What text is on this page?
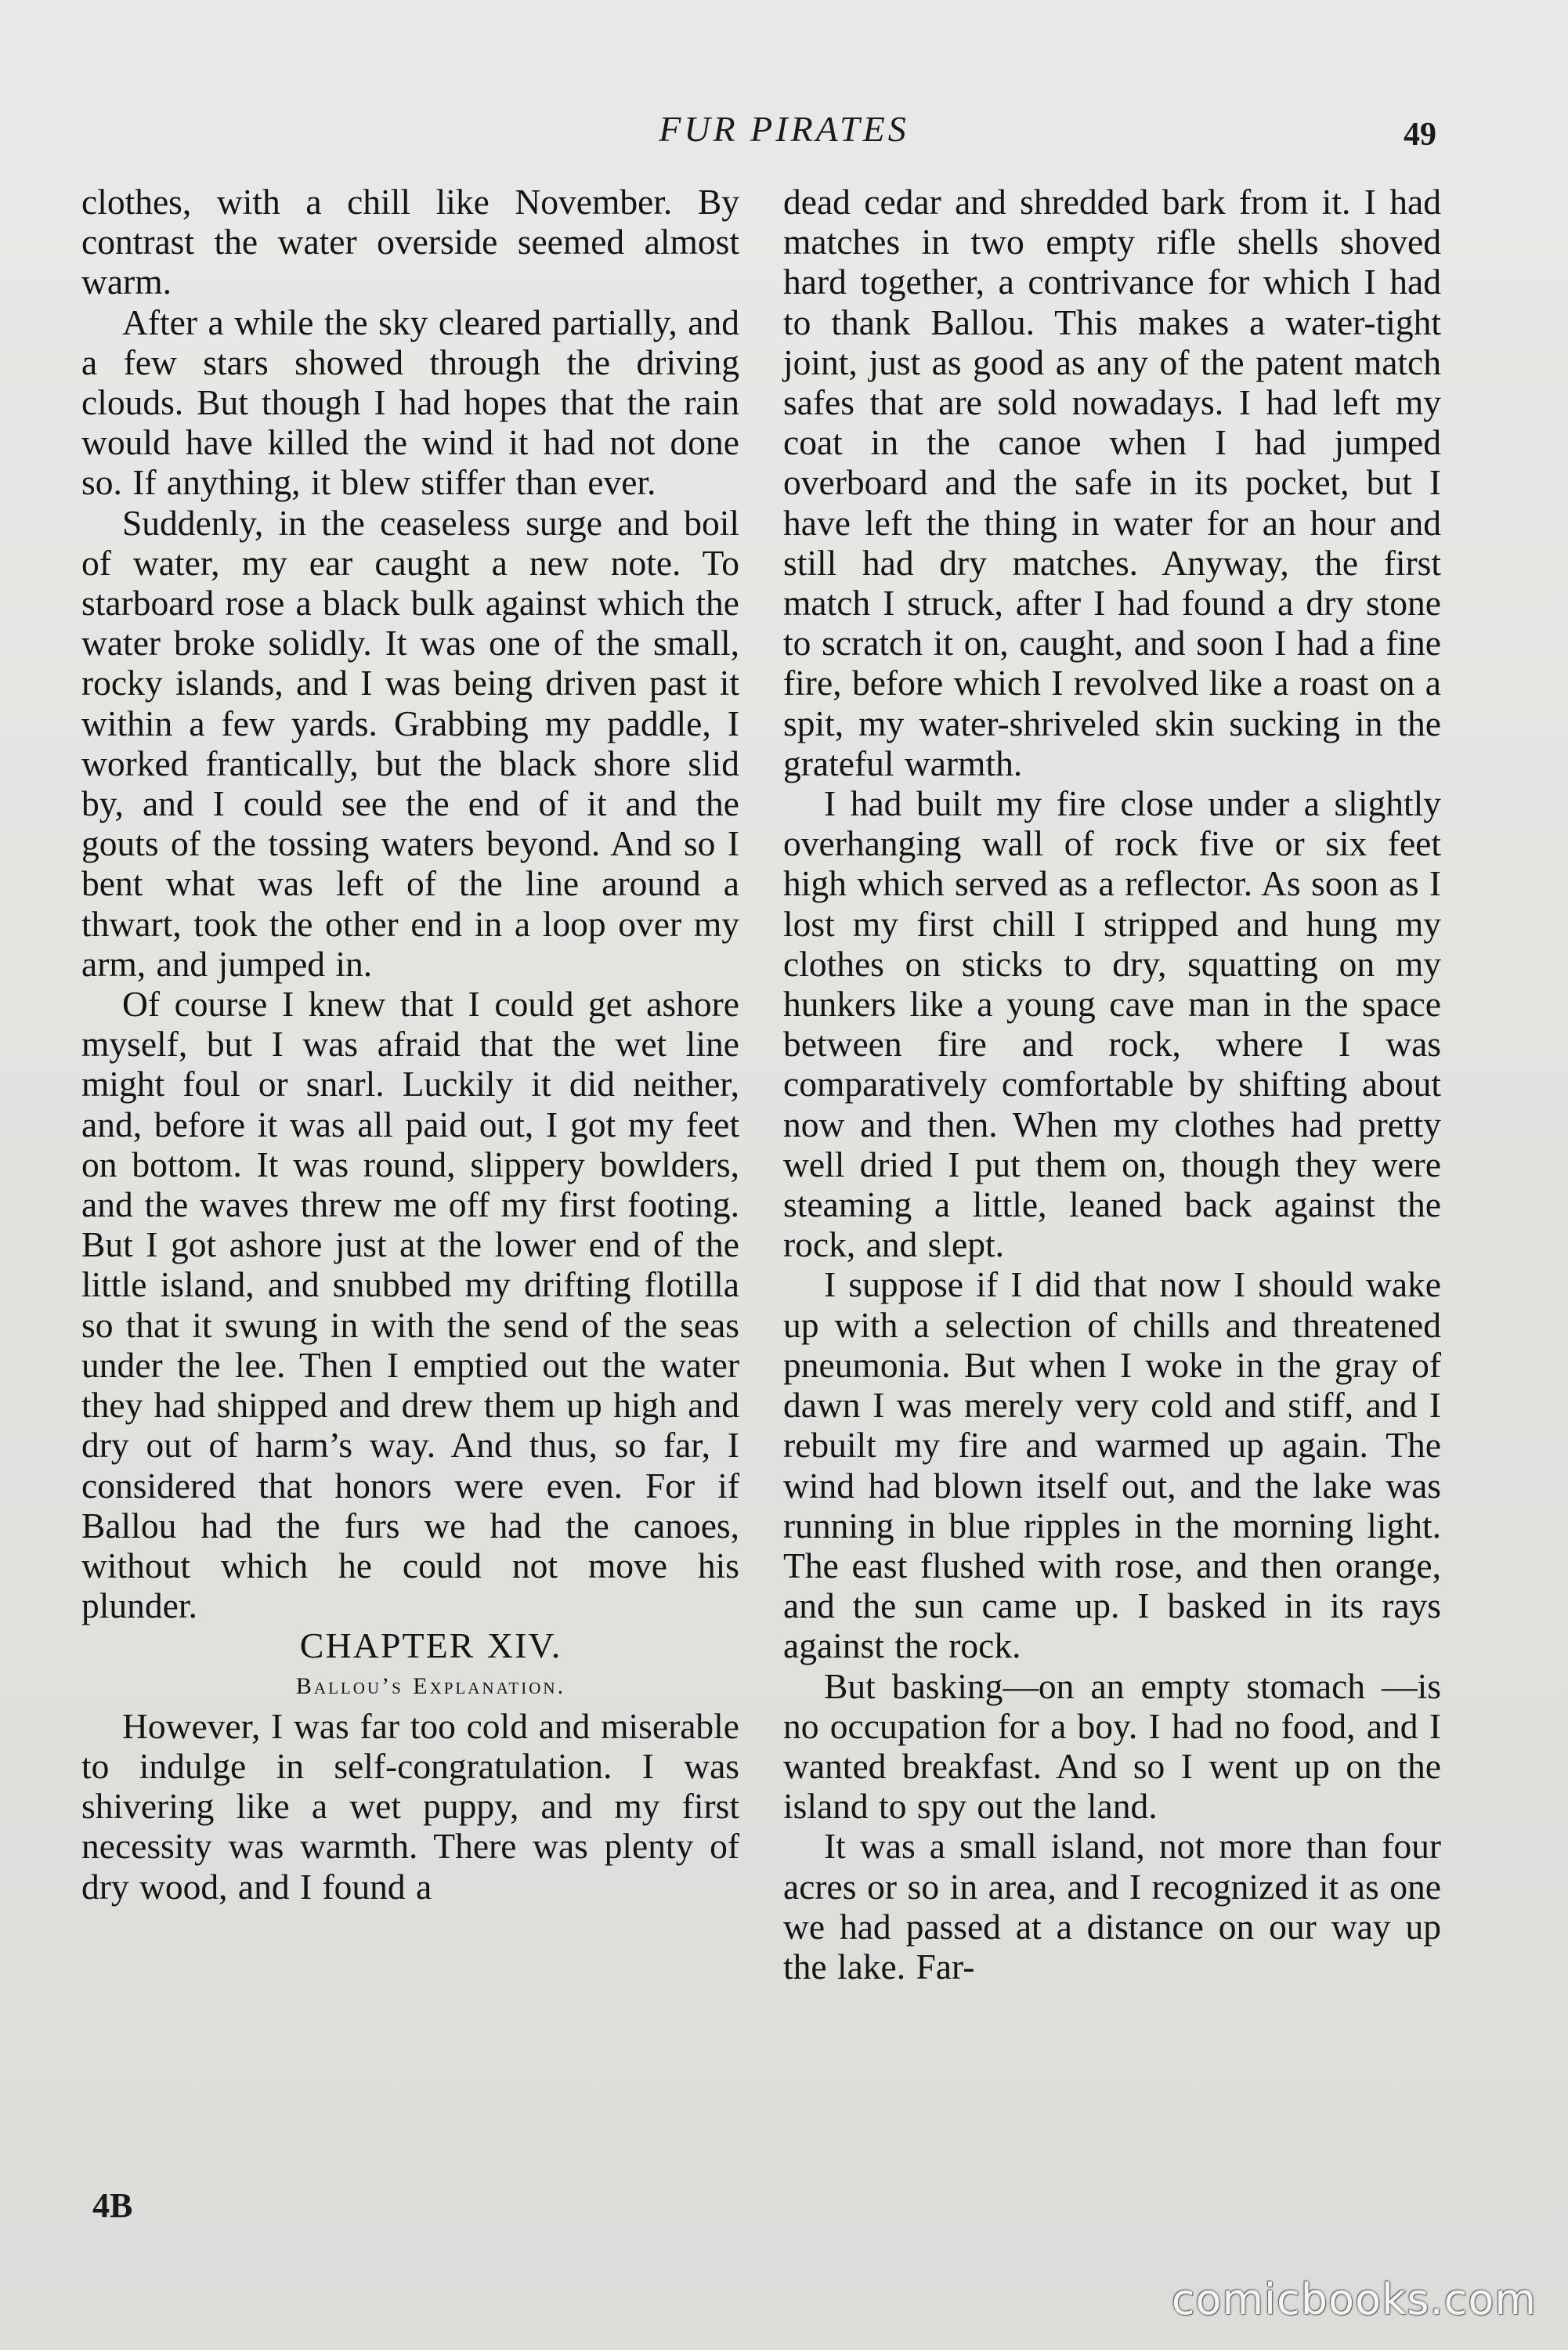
FUR PIRATES	49

clothes, with a chill like November. By contrast the water overside seemed almost warm.

After a while the sky cleared partially, and a few stars showed through the driving clouds. But though I had hopes that the rain would have killed the wind it had not done so. If anything, it blew stiffer than ever.

Suddenly, in the ceaseless surge and boil of water, my ear caught a new note. To starboard rose a black bulk against which the water broke solidly. It was one of the small, rocky islands, and I was being driven past it within a few yards. Grabbing my paddle, I worked frantically, but the black shore slid by, and I could see the end of it and the gouts of the tossing waters beyond. And so I bent what was left of the line around a thwart, took the other end in a loop over my arm, and jumped in.

Of course I knew that I could get ashore myself, but I was afraid that the wet line might foul or snarl. Luckily it did neither, and, before it was all paid out, I got my feet on bottom. It was round, slippery bowlders, and the waves threw me off my first footing. But I got ashore just at the lower end of the little island, and snubbed my drifting flotilla so that it swung in with the send of the seas under the lee. Then I emptied out the water they had shipped and drew them up high and dry out of harm’s way. And thus, so far, I considered that honors were even. For if Ballou had the furs we had the canoes, without which he could not move his plunder.

CHAPTER XIV.

Ballou’s Explanation.

However, I was far too cold and miserable to indulge in self-congratulation. I was shivering like a wet puppy, and my first necessity was warmth. There was plenty of dry wood, and I found a

dead cedar and shredded bark from it. I had matches in two empty rifle shells shoved hard together, a contrivance for which I had to thank Ballou. This makes a water-tight joint, just as good as any of the patent match safes that are sold nowadays. I had left my coat in the canoe when I had jumped overboard and the safe in its pocket, but I have left the thing in water for an hour and still had dry matches. Anyway, the first match I struck, after I had found a dry stone to scratch it on, caught, and soon I had a fine fire, before which I revolved like a roast on a spit, my water-shriveled skin sucking in the grateful warmth.

I had built my fire close under a slightly overhanging wall of rock five or six feet high which served as a reflector. As soon as I lost my first chill I stripped and hung my clothes on sticks to dry, squatting on my hunkers like a young cave man in the space between fire and rock, where I was comparatively comfortable by shifting about now and then. When my clothes had pretty well dried I put them on, though they were steaming a little, leaned back against the rock, and slept.

I suppose if I did that now I should wake up with a selection of chills and threatened pneumonia. But when I woke in the gray of dawn I was merely very cold and stiff, and I rebuilt my fire and warmed up again. The wind had blown itself out, and the lake was running in blue ripples in the morning light. The east flushed with rose, and then orange, and the sun came up. I basked in its rays against the rock.

But basking—on an empty stomach —is no occupation for a boy. I had no food, and I wanted breakfast. And so I went up on the island to spy out the land.

It was a small island, not more than four acres or so in area, and I recognized it as one we had passed at a distance on our way up the lake. Far-

4B
comicbooks.com
